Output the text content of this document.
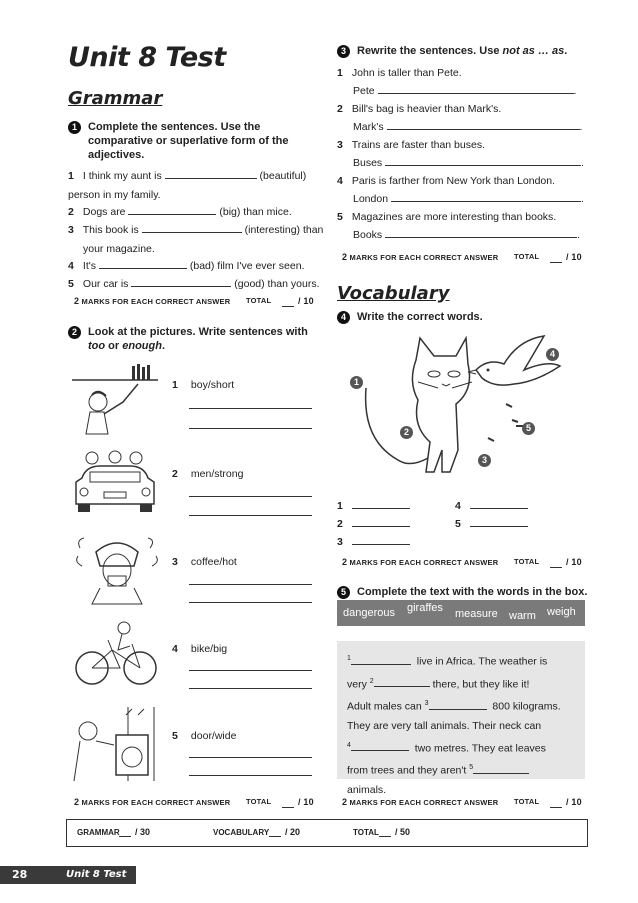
Unit 8 Test
Grammar
1	Complete the sentences. Use the comparative or superlative form of the adjectives.
1 I think my aunt is	(beautiful)
person in my family.
2 Dogs are	(big) than mice.
3 This book is	(interesting) than
your magazine.
4 It's	(bad) film I've ever seen.
5 Our car is	(good) than yours.
2 MARKS FOR EACH CORRECT ANSWER TOTAL	/ 10
2	Look at the pictures. Write sentences with
too or enough.
1 boy/short
2 men/strong
3 coffee/hot
4 bike/big
5 door/wide
2 MARKS FOR EACH CORRECT ANSWER TOTAL	/ 10
3	Rewrite the sentences. Use not as … as.
1 John is taller than Pete.
Pete	.
2 Bill's bag is heavier than Mark's.
Mark's	.
3 Trains are faster than buses.
Buses	.
4 Paris is farther from New York than London.
London	.
5 Magazines are more interesting than books.
Books	.
2 MARKS FOR EACH CORRECT ANSWER TOTAL	/ 10
Vocabulary
4	Write the correct words.
1
2
3
4
5
1
2
3
4
5
2 MARKS FOR EACH CORRECT ANSWER TOTAL	/ 10
5	Complete the text with the words in the box.
dangerous giraffes measure warm weigh
$^1$	live in Africa. The weather is
very $^2$	there, but they like it!
Adult males can $^3$	800 kilograms.
They are very tall animals. Their neck can
$^4$	two metres. They eat leaves
from trees and they aren't $^5$
animals.
2 MARKS FOR EACH CORRECT ANSWER TOTAL	/ 10
GRAMMAR / 30	VOCABULARY / 20	TOTAL / 50
28	Unit 8 Test
